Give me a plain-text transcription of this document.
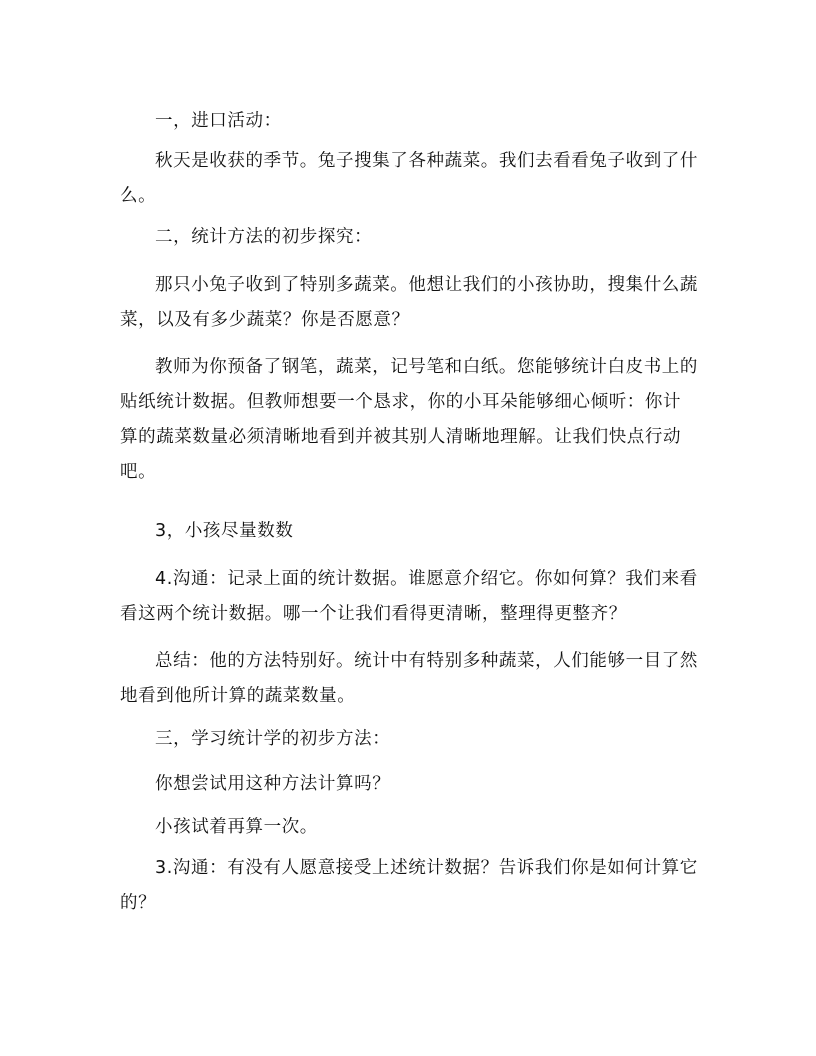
一，进口活动：

秋天是收获的季节。兔子搜集了各种蔬菜。我们去看看兔子收到了什么。

二，统计方法的初步探究：

那只小兔子收到了特别多蔬菜。他想让我们的小孩协助，搜集什么蔬菜，以及有多少蔬菜？你是否愿意？

教师为你预备了钢笔，蔬菜，记号笔和白纸。您能够统计白皮书上的贴纸统计数据。但教师想要一个恳求，你的小耳朵能够细心倾听：你计算的蔬菜数量必须清晰地看到并被其别人清晰地理解。让我们快点行动吧。

3，小孩尽量数数

4.沟通：记录上面的统计数据。谁愿意介绍它。你如何算？我们来看看这两个统计数据。哪一个让我们看得更清晰，整理得更整齐？

总结：他的方法特别好。统计中有特别多种蔬菜，人们能够一目了然地看到他所计算的蔬菜数量。

三，学习统计学的初步方法：

你想尝试用这种方法计算吗？

小孩试着再算一次。

3.沟通：有没有人愿意接受上述统计数据？告诉我们你是如何计算它的？
